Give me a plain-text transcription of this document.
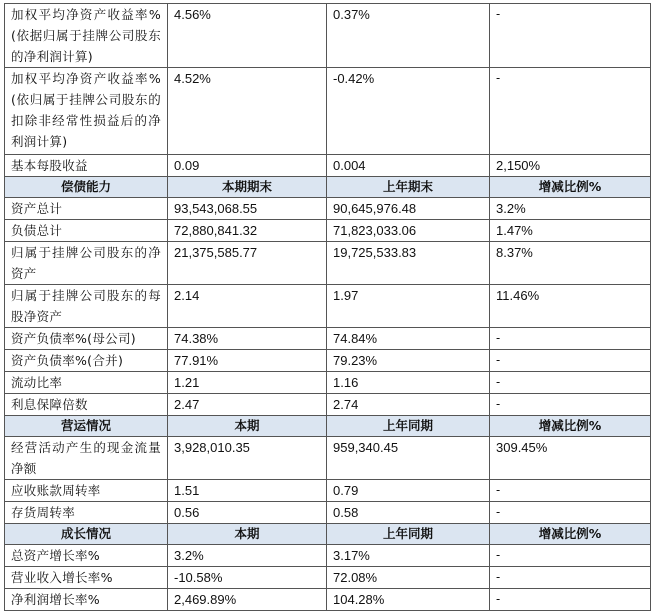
加权平均净资产收益率%(依据归属于挂牌公司股东的净利润计算)	4.56%	0.37%	-
加权平均净资产收益率%(依归属于挂牌公司股东的扣除非经常性损益后的净利润计算)	4.52%	-0.42%	-
基本每股收益	0.09	0.004	2,150%
偿债能力	本期期末	上年期末	增减比例%
资产总计	93,543,068.55	90,645,976.48	3.2%
负债总计	72,880,841.32	71,823,033.06	1.47%
归属于挂牌公司股东的净资产	21,375,585.77	19,725,533.83	8.37%
归属于挂牌公司股东的每股净资产	2.14	1.97	11.46%
资产负债率%(母公司)	74.38%	74.84%	-
资产负债率%(合并)	77.91%	79.23%	-
流动比率	1.21	1.16	-
利息保障倍数	2.47	2.74	-
营运情况	本期	上年同期	增减比例%
经营活动产生的现金流量净额	3,928,010.35	959,340.45	309.45%
应收账款周转率	1.51	0.79	-
存货周转率	0.56	0.58	-
成长情况	本期	上年同期	增减比例%
总资产增长率%	3.2%	3.17%	-
营业收入增长率%	-10.58%	72.08%	-
净利润增长率%	2,469.89%	104.28%	-
